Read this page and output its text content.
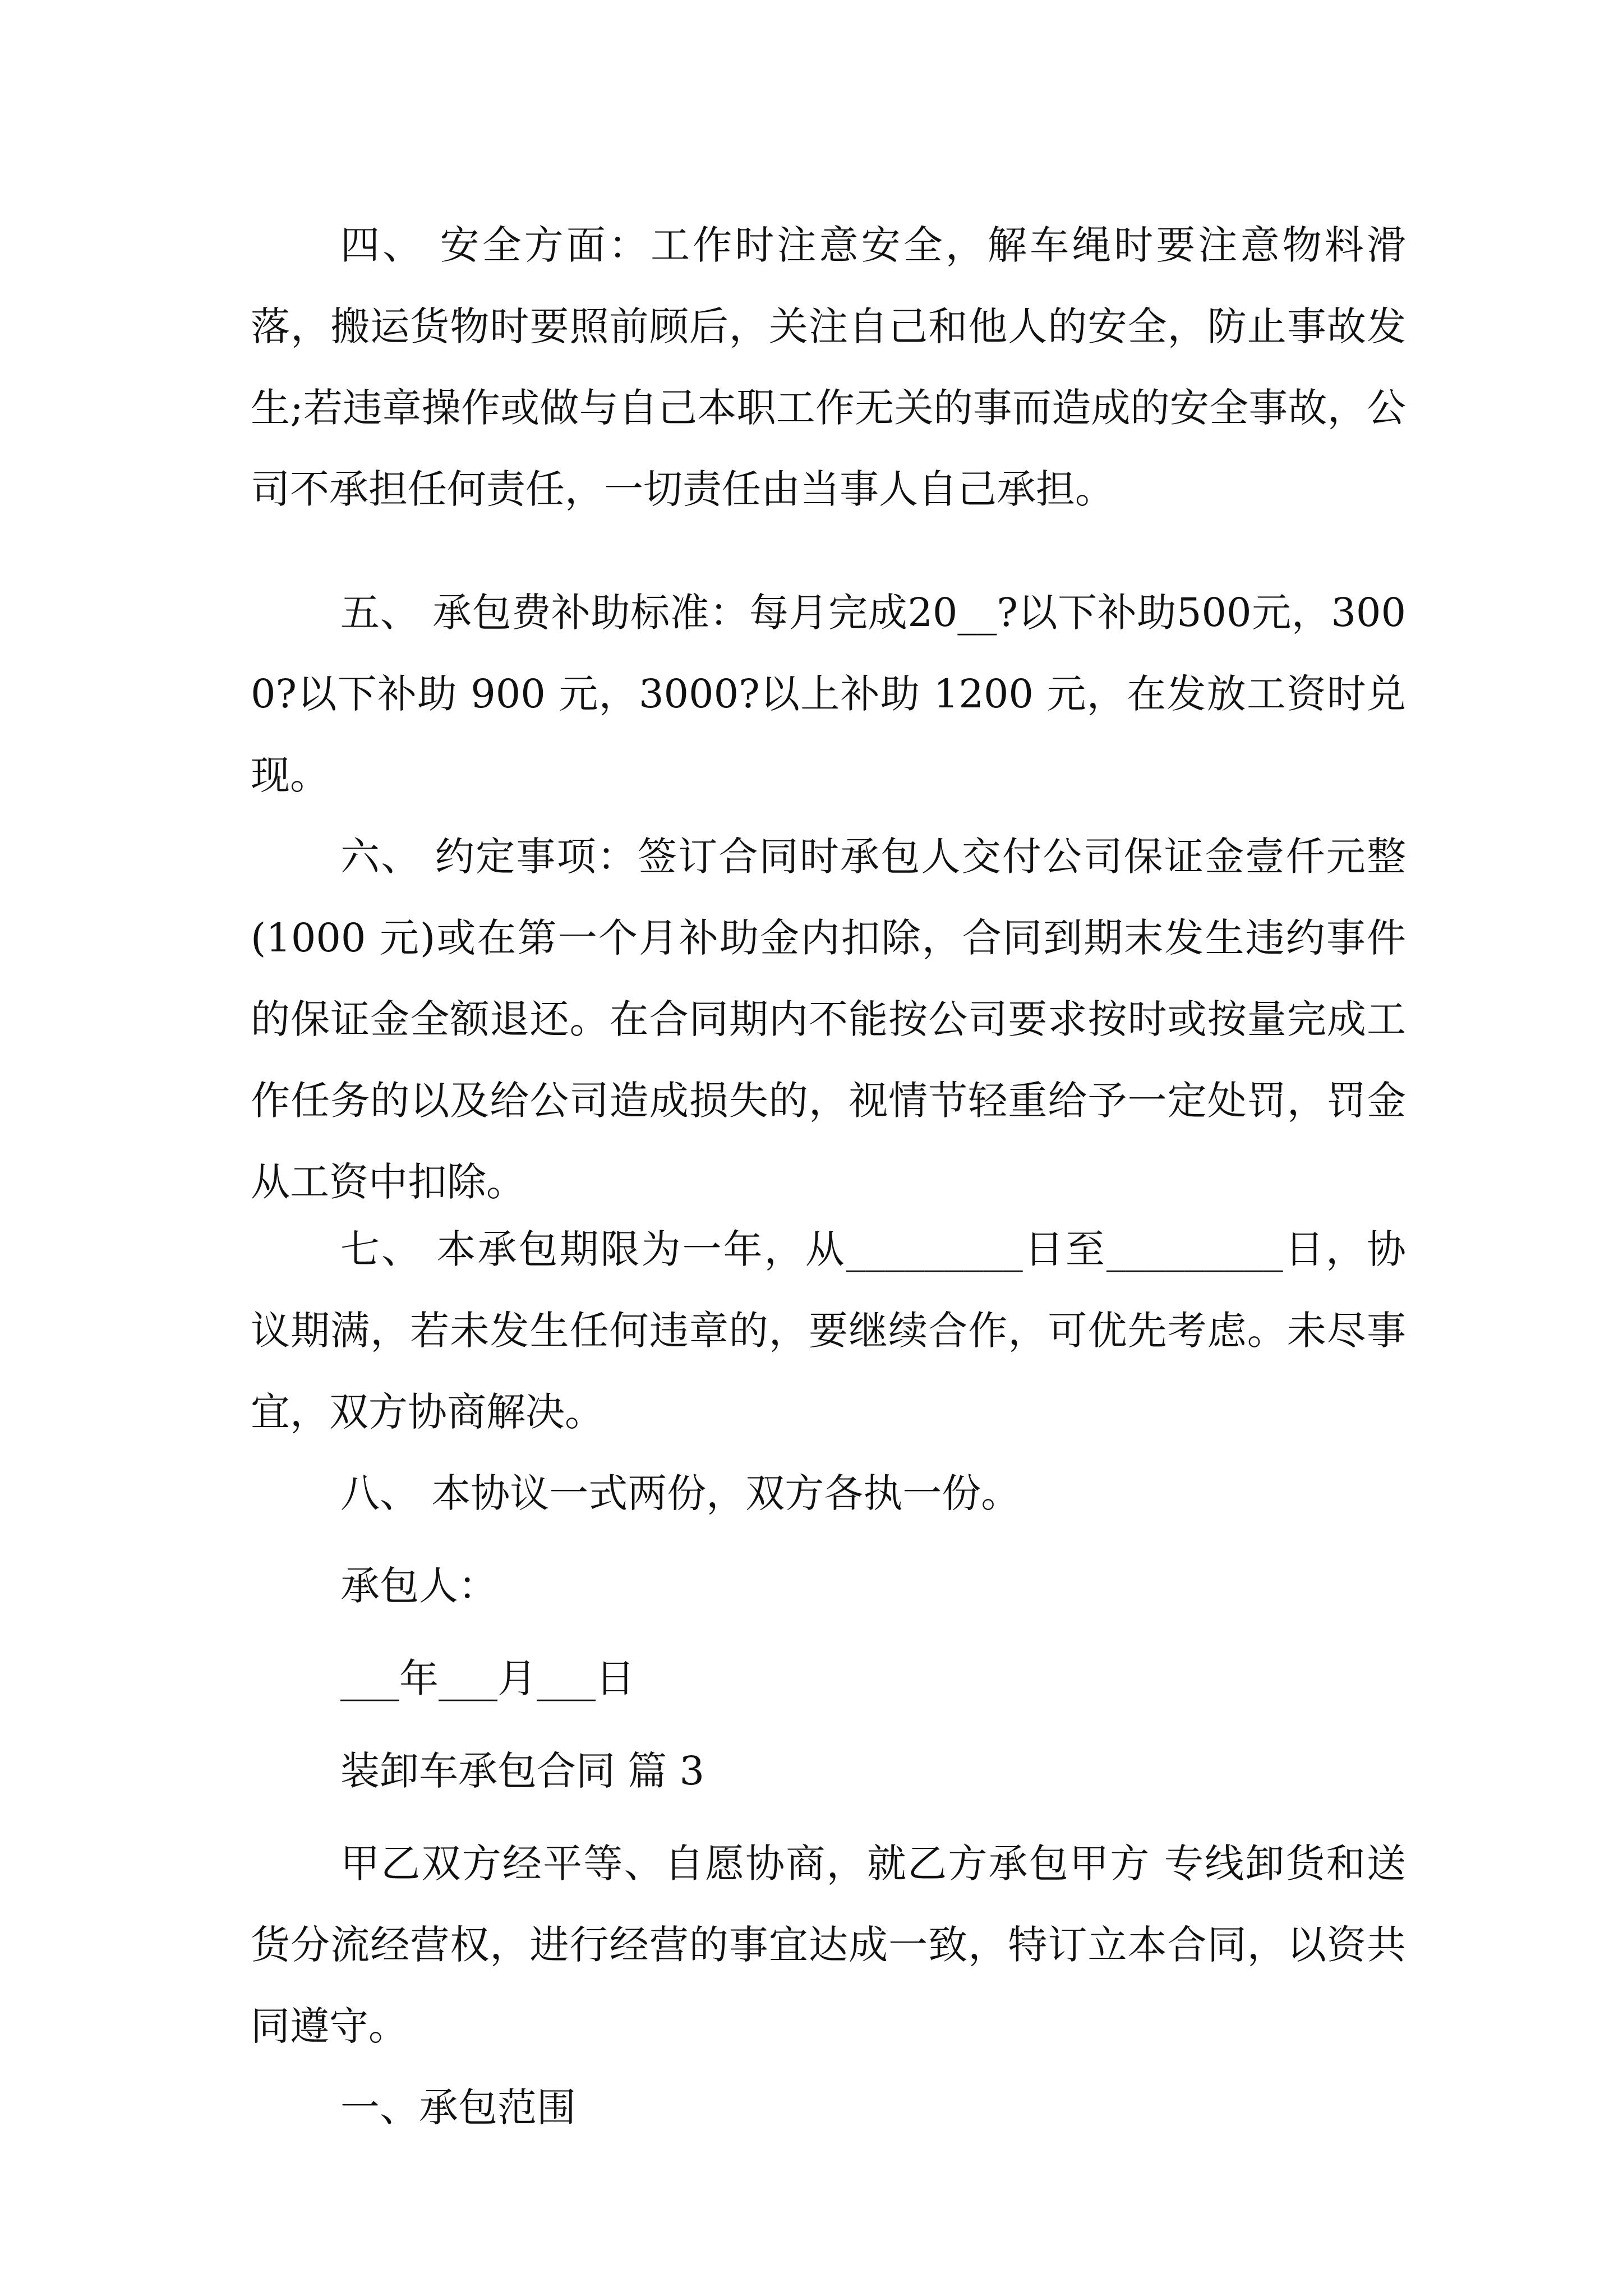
四、 安全方面：工作时注意安全，解车绳时要注意物料滑落，搬运货物时要照前顾后，关注自己和他人的安全，防止事故发生;若违章操作或做与自己本职工作无关的事而造成的安全事故，公司不承担任何责任，一切责任由当事人自己承担。

五、 承包费补助标准：每月完成20__?以下补助500元，3000?以下补助 900 元，3000?以上补助 1200 元，在发放工资时兑现。

六、 约定事项：签订合同时承包人交付公司保证金壹仟元整(1000 元)或在第一个月补助金内扣除，合同到期末发生违约事件的保证金全额退还。在合同期内不能按公司要求按时或按量完成工作任务的以及给公司造成损失的，视情节轻重给予一定处罚，罚金从工资中扣除。

七、 本承包期限为一年，从_________日至_________日，协议期满，若未发生任何违章的，要继续合作，可优先考虑。未尽事宜，双方协商解决。

八、 本协议一式两份，双方各执一份。

承包人：

___年___月___日

装卸车承包合同 篇 3

甲乙双方经平等、自愿协商，就乙方承包甲方 专线卸货和送货分流经营权，进行经营的事宜达成一致，特订立本合同，以资共同遵守。

一、承包范围
